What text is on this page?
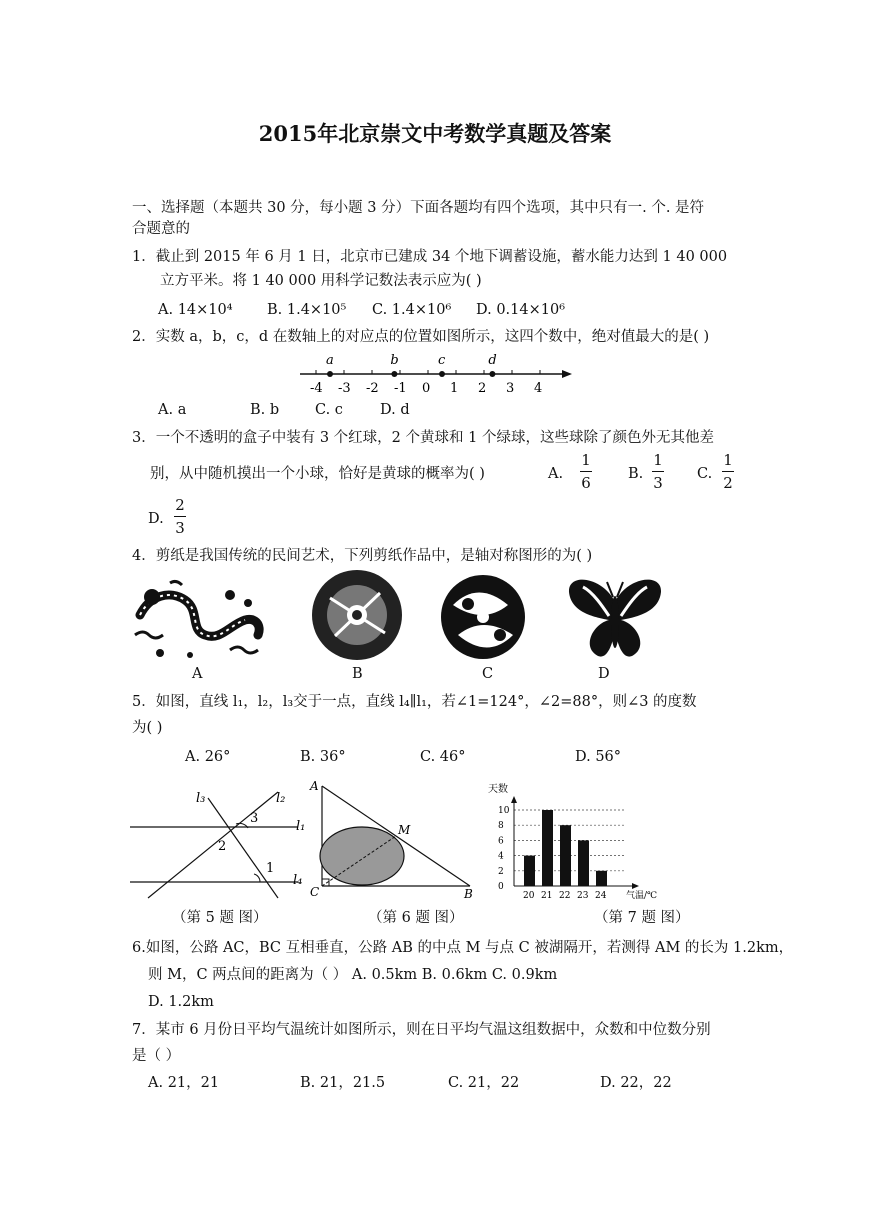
2015年北京崇文中考数学真题及答案
一、选择题（本题共 30 分，每小题 3 分）下面各题均有四个选项，其中只有一. 个. 是符
合题意的
1．截止到 2015 年 6 月 1 日，北京市已建成 34 个地下调蓄设施，蓄水能力达到 1 40 000
立方平米。将 1 40 000 用科学记数法表示应为( )
A. 14×10⁴ B. 1.4×10⁵ C. 1.4×10⁶ D. 0.14×10⁶
2．实数 a，b，c，d 在数轴上的对应点的位置如图所示，这四个数中，绝对值最大的是( )
-4 -3 -2 -1 0 1 2 3 4
a	b	c	d
A. a	B. b C. c	D. d
3．一个不透明的盒子中装有 3 个红球，2 个黄球和 1 个绿球，这些球除了颜色外无其他差
别，从中随机摸出一个小球，恰好是黄球的概率为( )	A.
1
6	B.
1
3 C.
1
2
D.
2
3
4．剪纸是我国传统的民间艺术，下列剪纸作品中，是轴对称图形的为( )
A	B	C	D
5．如图，直线 l₁，l₂，l₃交于一点，直线 l₄∥l₁，若∠1=124°，∠2=88°，则∠3 的度数
为( )
A. 26°	B. 36°	C. 46°	D. 56°
l₃	l₂
l₁
l₄
3
2
1
（第 5 题 图）
A
C	B
M
（第 6 题 图）
天数
气温/℃
0
2
4
6
8
10
20 21 22 23 24
（第 7 题 图）
6.如图，公路 AC，BC 互相垂直，公路 AB 的中点 M 与点 C 被湖隔开，若测得 AM 的长为 1.2km，
则 M，C 两点间的距离为（ ） A. 0.5km B. 0.6km C. 0.9km
D. 1.2km
7．某市 6 月份日平均气温统计如图所示，则在日平均气温这组数据中，众数和中位数分别
是（ ）
A. 21，21	B. 21，21.5	C. 21，22	D. 22，22
